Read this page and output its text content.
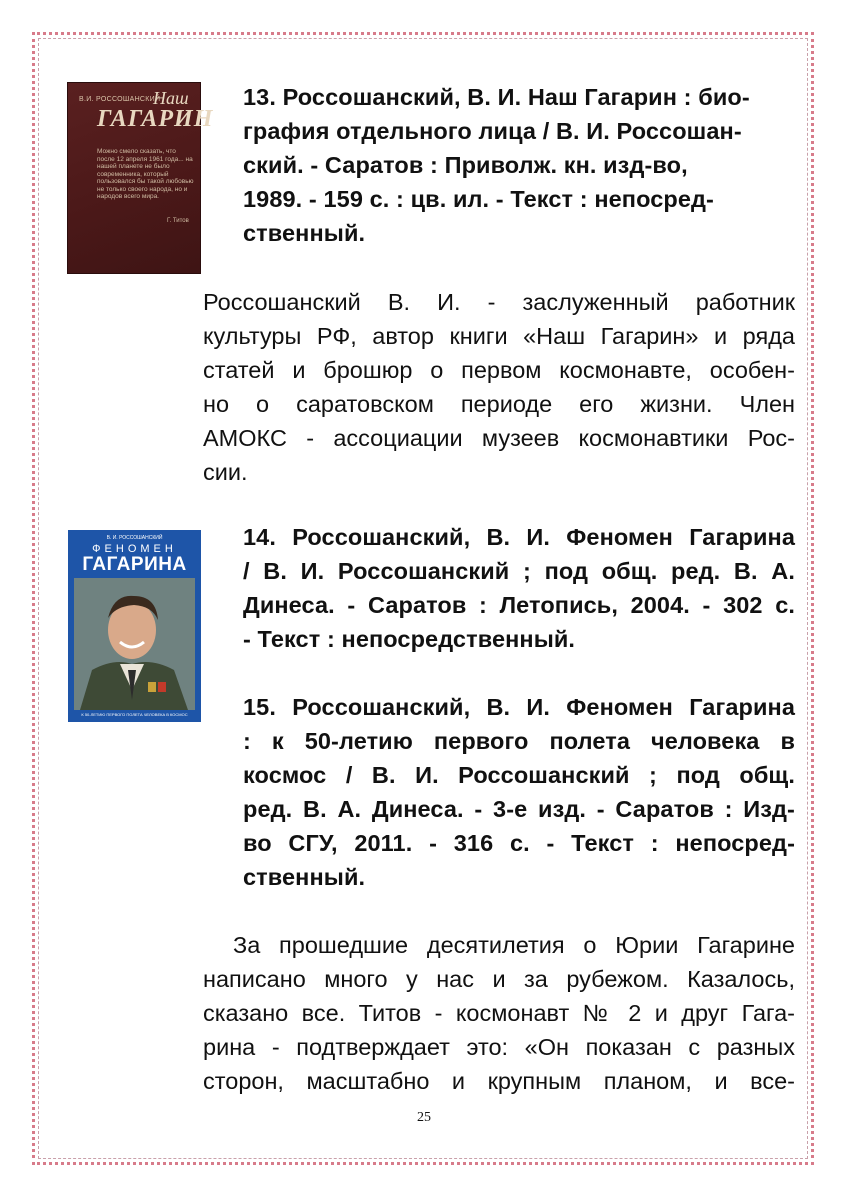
В.И. РОССОШАНСКИЙ
Наш
ГАГАРИН
Можно смело сказать, что после 12 апреля 1961 года... на нашей планете не было современника, который пользовался бы такой любовью не только своего народа, но и народов всего мира.
Г. Титов
13. Россошанский, В. И. Наш Гагарин : био-
графия отдельного лица / В. И. Россошан-
ский. - Саратов : Приволж. кн. изд-во,
1989. - 159 с. : цв. ил. - Текст : непосред-
ственный.
Россошанский В. И. - заслуженный работник
культуры РФ, автор книги «Наш Гагарин» и ряда
статей и брошюр о первом космонавте, особен-
но о саратовском периоде его жизни. Член
АМОКС - ассоциации музеев космонавтики Рос-
сии.
В. И. РОССОШАНСКИЙ
ФЕНОМЕН
ГАГАРИНА
К 50-ЛЕТИЮ ПЕРВОГО ПОЛЕТА ЧЕЛОВЕКА В КОСМОС
14. Россошанский, В. И. Феномен Гагарина
/ В. И. Россошанский ; под общ. ред. В. А.
Динеса. - Саратов : Летопись, 2004. - 302 с.
- Текст : непосредственный.
15. Россошанский, В. И. Феномен Гагарина
: к 50-летию первого полета человека в
космос / В. И. Россошанский ; под общ.
ред. В. А. Динеса. - 3-е изд. - Саратов : Изд-
во СГУ, 2011. - 316 с. - Текст : непосред-
ственный.
За прошедшие десятилетия о Юрии Гагарине
написано много у нас и за рубежом. Казалось,
сказано все. Титов - космонавт № 2 и друг Гага-
рина - подтверждает это: «Он показан с разных
сторон, масштабно и крупным планом, и все-
25
